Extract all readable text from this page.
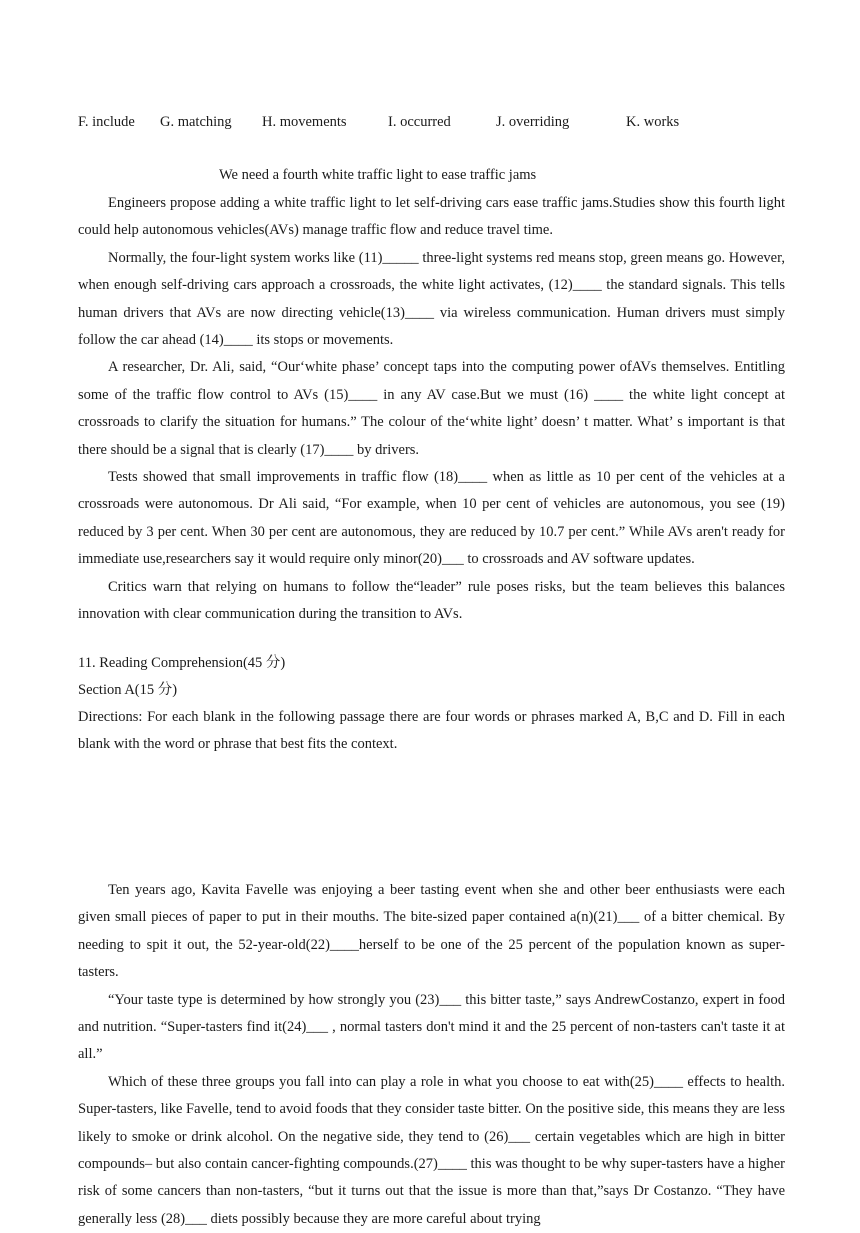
F. include G. matching H. movements	I. occurred	J. overriding	K. works
We need a fourth white traffic light to ease traffic jams

Engineers propose adding a white traffic light to let self-driving cars ease traffic jams.Studies show this fourth light could help autonomous vehicles(AVs) manage traffic flow and reduce travel time.

Normally, the four-light system works like (11)_____ three-light systems red means stop, green means go. However, when enough self-driving cars approach a crossroads, the white light activates, (12)____ the standard signals. This tells human drivers that AVs are now directing vehicle(13)____ via wireless communication. Human drivers must simply follow the car ahead (14)____ its stops or movements.

A researcher, Dr. Ali, said, “Our‘white phase’ concept taps into the computing power ofAVs themselves. Entitling some of the traffic flow control to AVs (15)____ in any AV case.But we must (16) ____ the white light concept at crossroads to clarify the situation for humans.” The colour of the‘white light’ doesn’ t matter. What’ s important is that there should be a signal that is clearly (17)____ by drivers.

Tests showed that small improvements in traffic flow (18)____ when as little as 10 per cent of the vehicles at a crossroads were autonomous. Dr Ali said, “For example, when 10 per cent of vehicles are autonomous, you see (19) reduced by 3 per cent. When 30 per cent are autonomous, they are reduced by 10.7 per cent.” While AVs aren't ready for immediate use,researchers say it would require only minor(20)___ to crossroads and AV software updates.

Critics warn that relying on humans to follow the“leader” rule poses risks, but the team believes this balances innovation with clear communication during the transition to AVs.

11. Reading Comprehension(45 分)

Section A(15 分)

Directions: For each blank in the following passage there are four words or phrases marked A, B,C and D. Fill in each blank with the word or phrase that best fits the context.

Ten years ago, Kavita Favelle was enjoying a beer tasting event when she and other beer enthusiasts were each given small pieces of paper to put in their mouths. The bite-sized paper contained a(n)(21)___ of a bitter chemical. By needing to spit it out, the 52-year-old(22)____herself to be one of the 25 percent of the population known as super-tasters.

“Your taste type is determined by how strongly you (23)___ this bitter taste,” says AndrewCostanzo, expert in food and nutrition. “Super-tasters find it(24)___ , normal tasters don't mind it and the 25 percent of non-tasters can't taste it at all.”

Which of these three groups you fall into can play a role in what you choose to eat with(25)____ effects to health. Super-tasters, like Favelle, tend to avoid foods that they consider taste bitter. On the positive side, this means they are less likely to smoke or drink alcohol. On the negative side, they tend to (26)___ certain vegetables which are high in bitter compounds– but also contain cancer-fighting compounds.(27)____ this was thought to be why super-tasters have a higher risk of some cancers than non-tasters, “but it turns out that the issue is more than that,”says Dr Costanzo. “They have generally less (28)___ diets possibly because they are more careful about trying
